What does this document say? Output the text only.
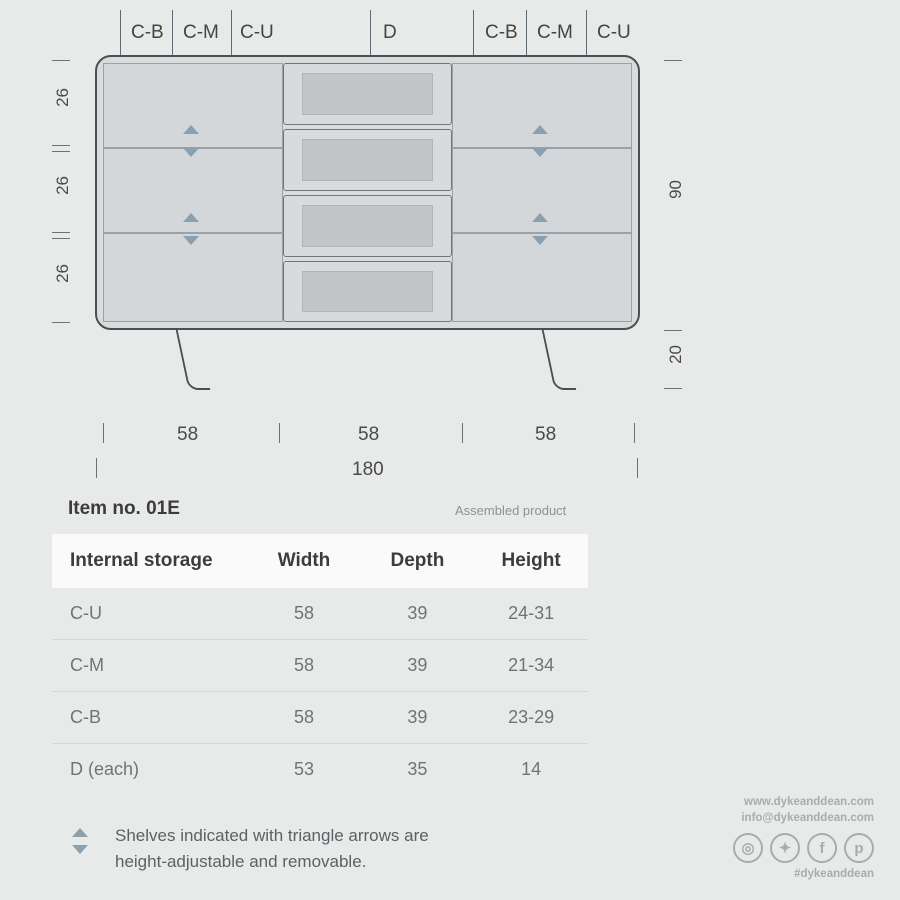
C-B C-M C-U	D	C-B C-M C-U
26
26
26
90
20
58	58	58
180
Item no. 01E	Assembled product
Internal storage	Width	Depth	Height
C-U	58	39	24-31
C-M	58	39	21-34
C-B	58	39	23-29
D (each)	53	35	14
Shelves indicated with triangle arrows are
height-adjustable and removable.
www.dykeanddean.com
info@dykeanddean.com
◎	✦	f	p
#dykeanddean
